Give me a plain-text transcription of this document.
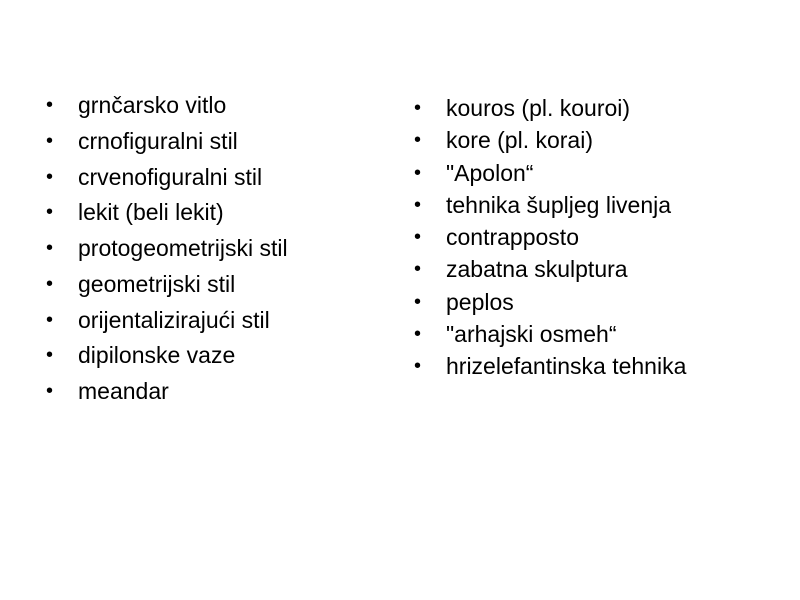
• grnčarsko vitlo
• crnofiguralni stil
• crvenofiguralni stil
• lekit (beli lekit)
• protogeometrijski stil
• geometrijski stil
• orijentalizirajući stil
• dipilonske vaze
• meandar
• kouros (pl. kouroi)
• kore (pl. korai)
• "Apolon“
• tehnika šupljeg livenja
• contrapposto
• zabatna skulptura
• peplos
• "arhajski osmeh“
• hrizelefantinska tehnika
